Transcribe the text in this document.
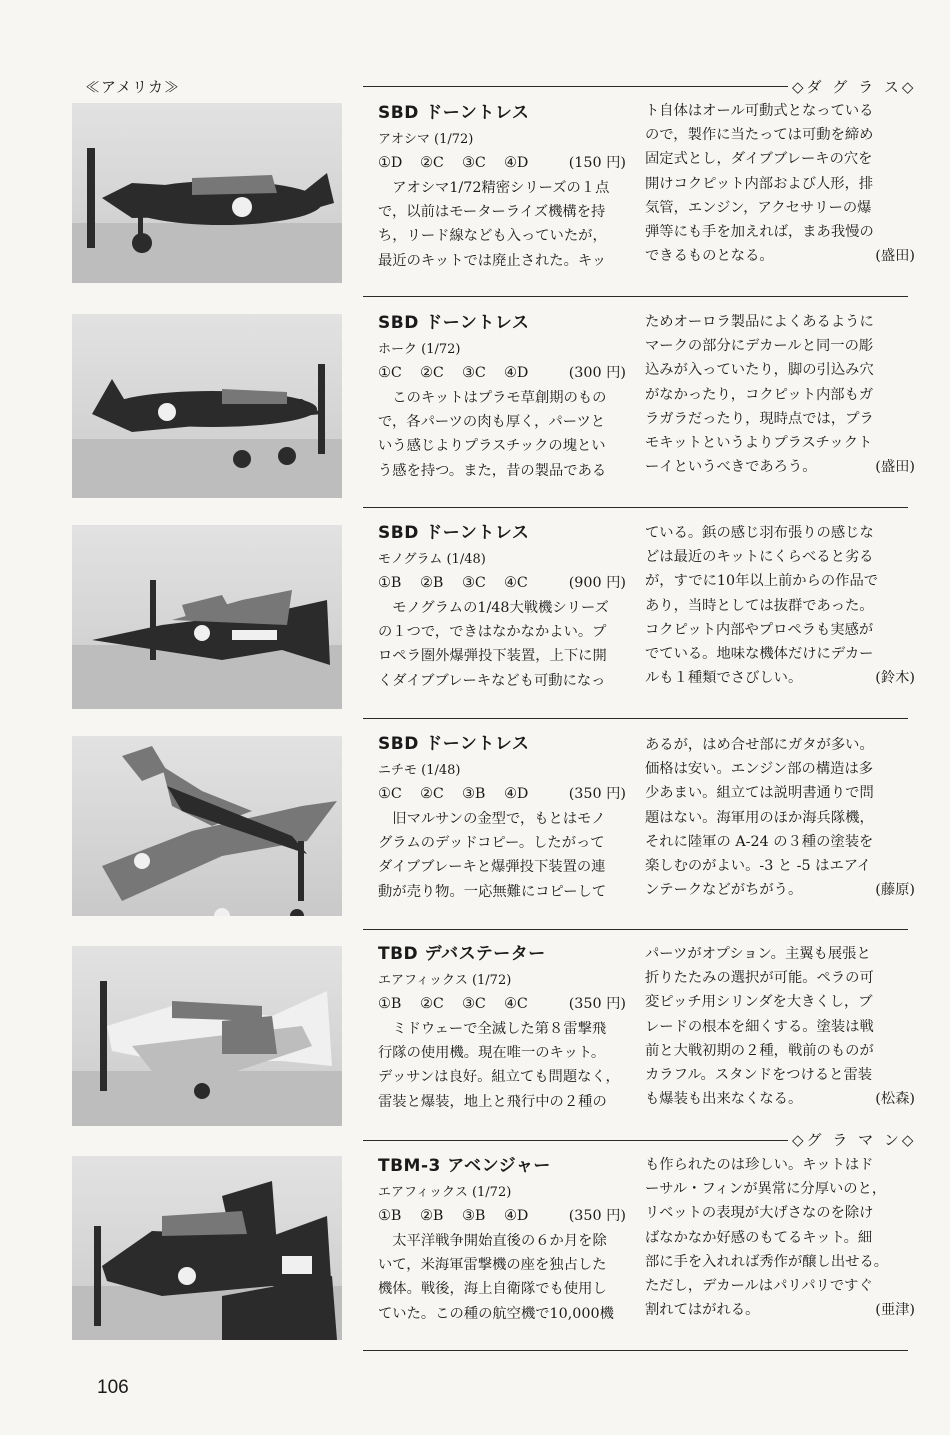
≪アメリカ≫	◇ダ グ ラ ス◇
SBD ドーントレス
アオシマ (1/72)
①D	②C	③C	④D	(150 円)
アオシマ1/72精密シリーズの１点
で，以前はモーターライズ機構を持
ち，リード線なども入っていたが，
最近のキットでは廃止された。キッ
ト自体はオール可動式となっている
ので，製作に当たっては可動を締め
固定式とし，ダイブブレーキの穴を
開けコクピット内部および人形，排
気管，エンジン，アクセサリーの爆
弾等にも手を加えれば，まあ我慢の
できるものとなる。	(盛田)
SBD ドーントレス
ホーク (1/72)
①C	②C	③C	④D	(300 円)
このキットはプラモ草創期のもの
で，各パーツの肉も厚く，パーツと
いう感じよりプラスチックの塊とい
う感を持つ。また，昔の製品である
ためオーロラ製品によくあるように
マークの部分にデカールと同一の彫
込みが入っていたり，脚の引込み穴
がなかったり，コクピット内部もガ
ラガラだったり，現時点では，プラ
モキットというよりプラスチックト
ーイというべきであろう。	(盛田)
SBD ドーントレス
モノグラム (1/48)
①B	②B	③C	④C	(900 円)
モノグラムの1/48大戦機シリーズ
の１つで，できはなかなかよい。プ
ロペラ圏外爆弾投下装置，上下に開
くダイブブレーキなども可動になっ
ている。鋲の感じ羽布張りの感じな
どは最近のキットにくらべると劣る
が，すでに10年以上前からの作品で
あり，当時としては抜群であった。
コクピット内部やプロペラも実感が
でている。地味な機体だけにデカー
ルも１種類でさびしい。	(鈴木)
SBD ドーントレス
ニチモ (1/48)
①C	②C	③B	④D	(350 円)
旧マルサンの金型で，もとはモノ
グラムのデッドコピー。したがって
ダイブブレーキと爆弾投下装置の連
動が売り物。一応無難にコピーして
あるが，はめ合せ部にガタが多い。
価格は安い。エンジン部の構造は多
少あまい。組立ては説明書通りで問
題はない。海軍用のほか海兵隊機，
それに陸軍の A-24 の３種の塗装を
楽しむのがよい。-3 と -5 はエアイ
ンテークなどがちがう。	(藤原)
TBD デバステーター
エアフィックス (1/72)
①B	②C	③C	④C	(350 円)
ミドウェーで全滅した第８雷撃飛
行隊の使用機。現在唯一のキット。
デッサンは良好。組立ても問題なく，
雷装と爆装，地上と飛行中の２種の
パーツがオプション。主翼も展張と
折りたたみの選択が可能。ペラの可
変ピッチ用シリンダを大きくし，ブ
レードの根本を細くする。塗装は戦
前と大戦初期の２種，戦前のものが
カラフル。スタンドをつけると雷装
も爆装も出来なくなる。	(松森)
◇グ ラ マ ン◇
TBM-3 アベンジャー
エアフィックス (1/72)
①B	②B	③B	④D	(350 円)
太平洋戦争開始直後の６か月を除
いて，米海軍雷撃機の座を独占した
機体。戦後，海上自衛隊でも使用し
ていた。この種の航空機で10,000機
も作られたのは珍しい。キットはド
ーサル・フィンが異常に分厚いのと，
リベットの表現が大げさなのを除け
ばなかなか好感のもてるキット。細
部に手を入れれば秀作が醸し出せる。
ただし，デカールはパリパリですぐ
割れてはがれる。	(亜津)
106
